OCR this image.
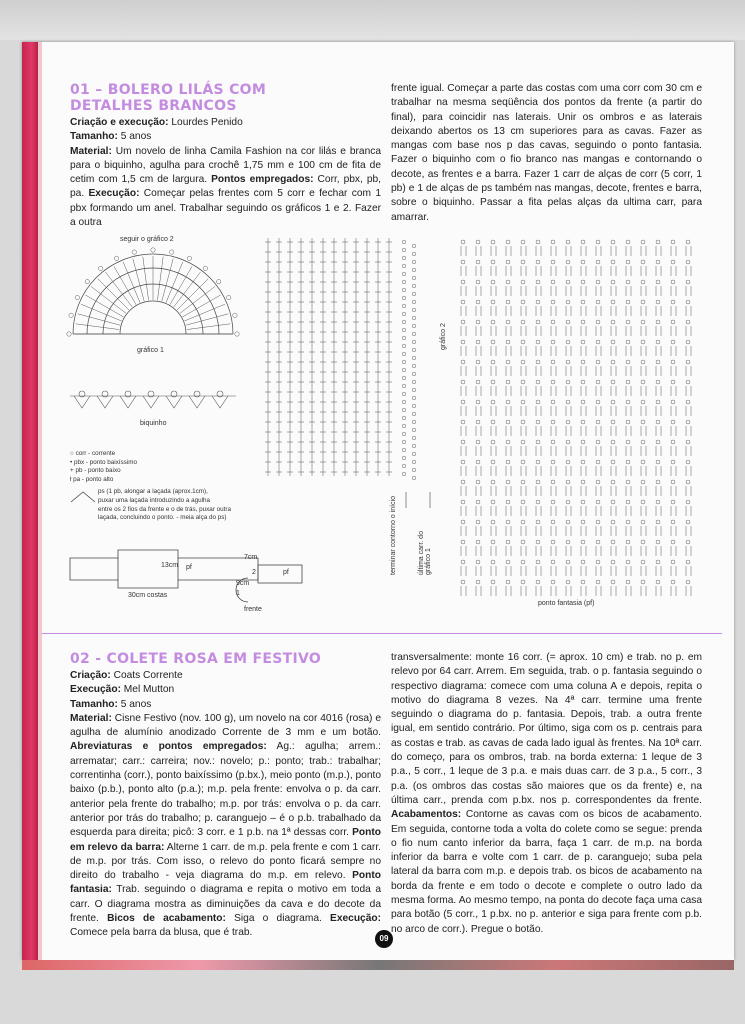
01 – BOLERO LILÁS COM
DETALHES BRANCOS
Criação e execução: Lourdes Penido
Tamanho: 5 anos
Material: Um novelo de linha Camila Fashion na cor lilás e branca para o biquinho, agulha para crochê 1,75 mm e 100 cm de fita de cetim com 1,5 cm de largura. Pontos empregados: Corr, pbx, pb, pa. Execução: Começar pelas frentes com 5 corr e fechar com 1 pbx formando um anel. Trabalhar seguindo os gráficos 1 e 2. Fazer a outra
frente igual. Começar a parte das costas com uma corr com 30 cm e trabalhar na mesma seqüência dos pontos da frente (a partir do final), para coincidir nas laterais. Unir os ombros e as laterais deixando abertos os 13 cm superiores para as cavas. Fazer as mangas com base nos p das cavas, seguindo o ponto fantasia. Fazer o biquinho com o fio branco nas mangas e contornando o decote, as frentes e a barra. Fazer 1 carr de alças de corr (5 corr, 1 pb) e 1 de alças de ps também nas mangas, decote, frentes e barra, sobre o biquinho. Passar a fita pelas alças da ultima carr, para amarrar.
seguir o gráfico 2
gráfico 1
biquinho
○ corr - corrente
• pbx - ponto baixíssimo
+ pb - ponto baixo
ƚ pa - ponto alto
ps (1 pb, alongar a laçada (aprox.1cm),
puxar uma laçada introduzindo a agulha
entre os 2 fios da frente e o de trás, puxar outra
laçada, concluindo o ponto. - meia alça do ps)
30cm costas
13cm pf
7cm
9cm
2
1
pf
frente
gráfico 2
terminar contorno o início	última carr. do gráfico 1
ponto fantasia (pf)
02 - COLETE ROSA EM FESTIVO
Criação: Coats Corrente
Execução: Mel Mutton
Tamanho: 5 anos
Material: Cisne Festivo (nov. 100 g), um novelo na cor 4016 (rosa) e agulha de alumínio anodizado Corrente de 3 mm e um botão. Abreviaturas e pontos empregados: Ag.: agulha; arrem.: arrematar; carr.: carreira; nov.: novelo; p.: ponto; trab.: trabalhar; correntinha (corr.), ponto baixíssimo (p.bx.), meio ponto (m.p.), ponto baixo (p.b.), ponto alto (p.a.); m.p. pela frente: envolva o p. da carr. anterior pela frente do trabalho; m.p. por trás: envolva o p. da carr. anterior por trás do trabalho; p. caranguejo – é o p.b. trabalhado da esquerda para direita; picô: 3 corr. e 1 p.b. na 1ª dessas corr. Ponto em relevo da barra: Alterne 1 carr. de m.p. pela frente e com 1 carr. de m.p. por trás. Com isso, o relevo do ponto ficará sempre no direito do trabalho - veja diagrama do m.p. em relevo. Ponto fantasia: Trab. seguindo o diagrama e repita o motivo em toda a carr. O diagrama mostra as diminuições da cava e do decote da frente. Bicos de acabamento: Siga o diagrama. Execução: Comece pela barra da blusa, que é trab.
transversalmente: monte 16 corr. (= aprox. 10 cm) e trab. no p. em relevo por 64 carr. Arrem. Em seguida, trab. o p. fantasia seguindo o respectivo diagrama: comece com uma coluna A e depois, repita o motivo do diagrama 8 vezes. Na 4ª carr. termine uma frente seguindo o diagrama do p. fantasia. Depois, trab. a outra frente igual, em sentido contrário. Por último, siga com os p. centrais para as costas e trab. as cavas de cada lado igual às frentes. Na 10ª carr. do começo, para os ombros, trab. na borda externa: 1 leque de 3 p.a., 5 corr., 1 leque de 3 p.a. e mais duas carr. de 3 p.a., 5 corr., 3 p.a. (os ombros das costas são maiores que os da frente) e, na última carr., prenda com p.bx. nos p. correspondentes da frente. Acabamentos: Contorne as cavas com os bicos de acabamento. Em seguida, contorne toda a volta do colete como se segue: prenda o fio num canto inferior da barra, faça 1 carr. de m.p. na borda inferior da barra e volte com 1 carr. de p. caranguejo; suba pela lateral da barra com m.p. e depois trab. os bicos de acabamento na borda da frente e em todo o decote e complete o outro lado da mesma forma. Ao mesmo tempo, na ponta do decote faça uma casa para botão (5 corr., 1 p.bx. no p. anterior e siga para frente com p.b. no arco de corr.). Pregue o botão.
09
